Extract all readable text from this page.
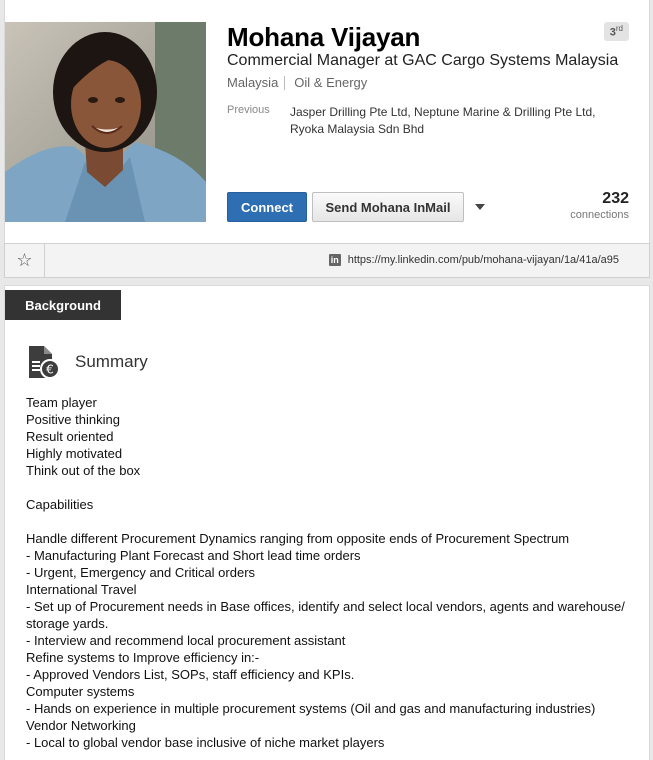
Mohana Vijayan	3rd
Commercial Manager at GAC Cargo Systems Malaysia
Malaysia Oil & Energy
Previous Jasper Drilling Pte Ltd, Neptune Marine & Drilling Pte Ltd, Ryoka Malaysia Sdn Bhd
Connect	Send Mohana InMail	232
connections
☆	in https://my.linkedin.com/pub/mohana-vijayan/1a/41a/a95
Background
€ Summary
Team player
Positive thinking
Result oriented
Highly motivated
Think out of the box
Capabilities
Handle different Procurement Dynamics ranging from opposite ends of Procurement Spectrum
- Manufacturing Plant Forecast and Short lead time orders
- Urgent, Emergency and Critical orders
International Travel
- Set up of Procurement needs in Base offices, identify and select local vendors, agents and warehouse/
storage yards.
- Interview and recommend local procurement assistant
Refine systems to Improve efficiency in:-
- Approved Vendors List, SOPs, staff efficiency and KPIs.
Computer systems
- Hands on experience in multiple procurement systems (Oil and gas and manufacturing industries)
Vendor Networking
- Local to global vendor base inclusive of niche market players
